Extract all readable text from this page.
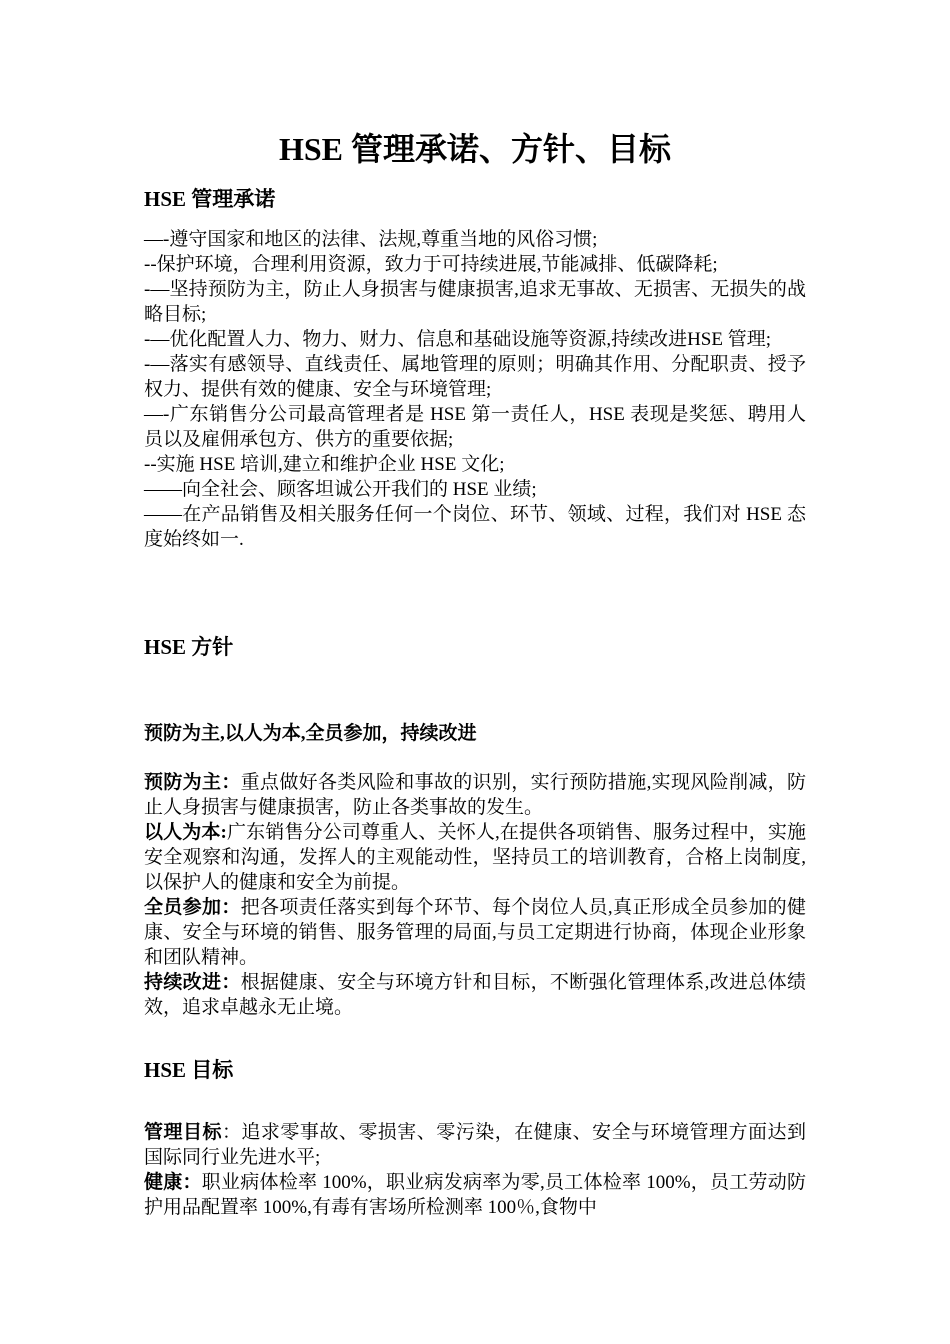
HSE 管理承诺、方针、目标
HSE 管理承诺

—-遵守国家和地区的法律、法规,尊重当地的风俗习惯;

--保护环境，合理利用资源，致力于可持续进展,节能减排、低碳降耗;

-—坚持预防为主，防止人身损害与健康损害,追求无事故、无损害、无损失的战略目标;

-—优化配置人力、物力、财力、信息和基础设施等资源,持续改进HSE 管理;

-—落实有感领导、直线责任、属地管理的原则；明确其作用、分配职责、授予权力、提供有效的健康、安全与环境管理;

—-广东销售分公司最高管理者是 HSE 第一责任人，HSE 表现是奖惩、聘用人员以及雇佣承包方、供方的重要依据;

--实施 HSE 培训,建立和维护企业 HSE 文化;

——向全社会、顾客坦诚公开我们的 HSE 业绩;

——在产品销售及相关服务任何一个岗位、环节、领域、过程，我们对 HSE 态度始终如一.

HSE 方针

预防为主,以人为本,全员参加，持续改进

预防为主：重点做好各类风险和事故的识别，实行预防措施,实现风险削减，防止人身损害与健康损害，防止各类事故的发生。

以人为本:广东销售分公司尊重人、关怀人,在提供各项销售、服务过程中，实施安全观察和沟通，发挥人的主观能动性，坚持员工的培训教育，合格上岗制度,以保护人的健康和安全为前提。

全员参加：把各项责任落实到每个环节、每个岗位人员,真正形成全员参加的健康、安全与环境的销售、服务管理的局面,与员工定期进行协商，体现企业形象和团队精神。

持续改进：根据健康、安全与环境方针和目标，不断强化管理体系,改进总体绩效，追求卓越永无止境。

HSE 目标

管理目标：追求零事故、零损害、零污染，在健康、安全与环境管理方面达到国际同行业先进水平;

健康：职业病体检率 100%，职业病发病率为零,员工体检率 100%，员工劳动防护用品配置率 100%,有毒有害场所检测率 100％,食物中
